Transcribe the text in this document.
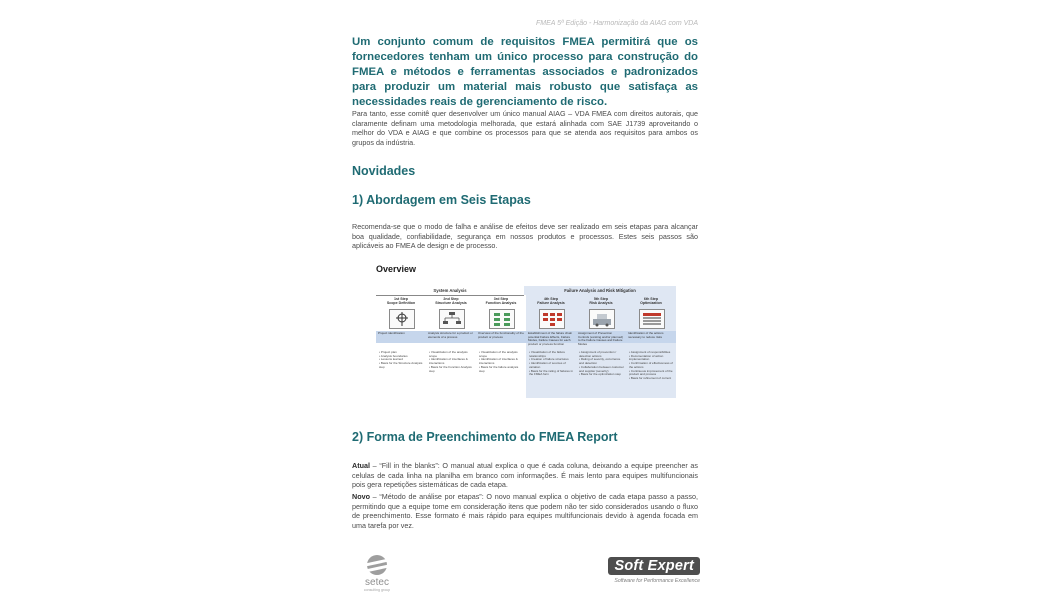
FMEA 5ª Edição - Harmonização da AIAG com VDA
Um conjunto comum de requisitos FMEA permitirá que os fornecedores tenham um único processo para construção do FMEA e métodos e ferramentas associados e padronizados para produzir um material mais robusto que satisfaça as necessidades reais de gerenciamento de risco.
Para tanto, esse comitê quer desenvolver um único manual AIAG – VDA FMEA com direitos autorais, que claramente definam uma metodologia melhorada, que estará alinhada com SAE J1739 aproveitando o melhor do VDA e AIAG e que combine os processos para que se atenda aos requisitos para ambos os grupos da indústria.
Novidades
1) Abordagem em Seis Etapas
Recomenda-se que o modo de falha e análise de efeitos deve ser realizado em seis etapas para alcançar boa qualidade, confiabilidade, segurança em nossos produtos e processos. Estes seis passos são aplicáveis ao FMEA de design e de processo.
Overview
System Analysis	Failure Analysis and Risk Mitigation
1st Step
Scope Definition
Project identification
• Project plan
• Analysis boundaries
• Lessons learned
• Basis for the Structure Analysis step
2nd Step
Structure Analysis
Analysis structure for a product or elements of a process
• Visualization of the analysis scope
• Identification of interfaces & interactions
• Basis for the Function Analysis step
3rd Step
Function Analysis
Overview of the functionality of the product or process
• Visualization of the analysis scope
• Identification of interfaces & interactions
• Basis for the failure analysis step
4th Step
Failure Analysis
Establishment of the failure chain potential Failure Effects, Failure Modes, Failure Causes for each product or process function
• Visualization of the failure relationships
• Creation of failure structures
• Identification of sources of variation
• Basis for the rating of failures in the FMEA form
5th Step
Risk Analysis
Assignment of Prevention Controls (existing and/or planned) to the Failure Causes and Failure Modes
• Assignment of prevention / detection actions
• Rating of severity, occurrence and detection
• Collaboration between customer and supplier (severity)
• Basis for the optimization step
6th Step
Optimization
Identification of the actions necessary to reduce risks
• Assignment of responsibilities
• Documentation of action implementation
• Confirmation of effectiveness of the actions
• Continuous improvement of the product and process
• Basis for refinement of current
2) Forma de Preenchimento do FMEA Report
Atual – “Fill in the blanks”: O manual atual explica o que é cada coluna, deixando a equipe preencher as celulas de cada linha na planilha em branco com informações. É mais lento para equipes multifuncionais pois gera repetições sistemáticas de cada etapa.
Novo – “Método de análise por etapas”: O novo manual explica o objetivo de cada etapa passo a passo, permitindo que a equipe tome em consideração itens que podem não ter sido considerados usando o fluxo de preenchimento. Esse formato é mais rápido para equipes multifuncionais devido à agenda focada em uma tarefa por vez.
setec
consulting group
Soft Expert
Software for Performance Excellence
